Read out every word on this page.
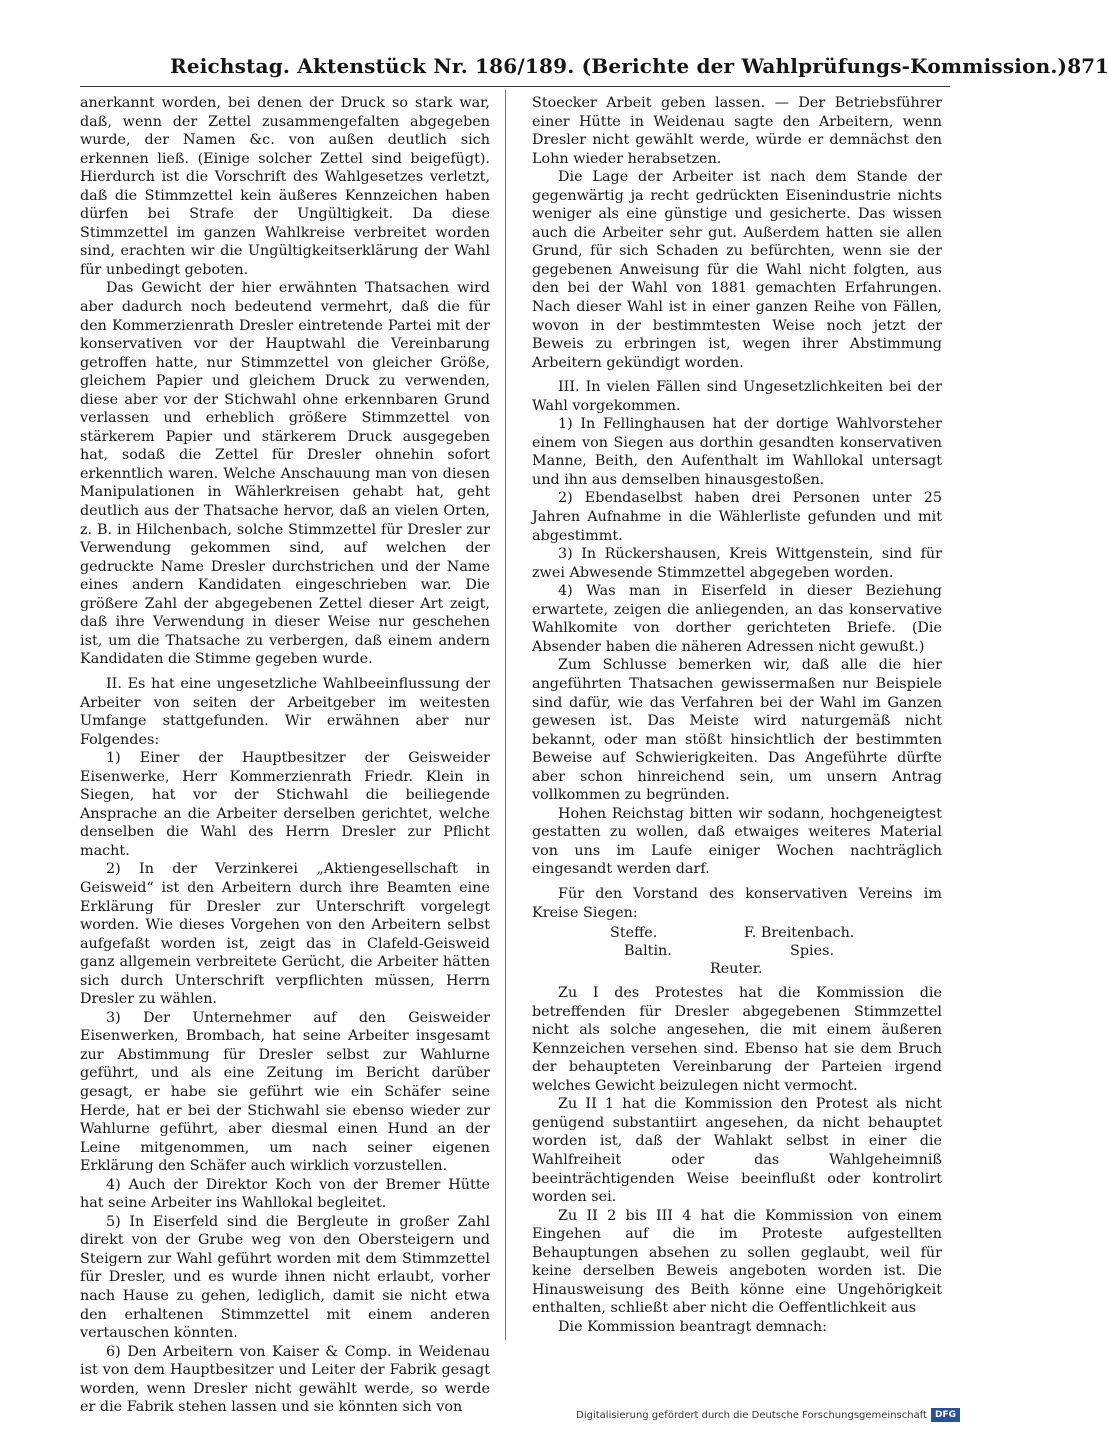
Reichstag. Aktenstück Nr. 186/189. (Berichte der Wahlprüfungs-Kommission.) 871

anerkannt worden, bei denen der Druck so stark war, daß, wenn der Zettel zusammengefalten abgegeben wurde, der Namen &c. von außen deutlich sich erkennen ließ. (Einige solcher Zettel sind beigefügt). Hierdurch ist die Vorschrift des Wahlgesetzes verletzt, daß die Stimmzettel kein äußeres Kennzeichen haben dürfen bei Strafe der Ungültigkeit. Da diese Stimmzettel im ganzen Wahlkreise verbreitet worden sind, erachten wir die Ungültigkeitserklärung der Wahl für unbedingt geboten.

Das Gewicht der hier erwähnten Thatsachen wird aber dadurch noch bedeutend vermehrt, daß die für den Kommerzienrath Dresler eintretende Partei mit der konservativen vor der Hauptwahl die Vereinbarung getroffen hatte, nur Stimmzettel von gleicher Größe, gleichem Papier und gleichem Druck zu verwenden, diese aber vor der Stichwahl ohne erkennbaren Grund verlassen und erheblich größere Stimmzettel von stärkerem Papier und stärkerem Druck ausgegeben hat, sodaß die Zettel für Dresler ohnehin sofort erkenntlich waren. Welche Anschauung man von diesen Manipulationen in Wählerkreisen gehabt hat, geht deutlich aus der Thatsache hervor, daß an vielen Orten, z. B. in Hilchenbach, solche Stimmzettel für Dresler zur Verwendung gekommen sind, auf welchen der gedruckte Name Dresler durchstrichen und der Name eines andern Kandidaten eingeschrieben war. Die größere Zahl der abgegebenen Zettel dieser Art zeigt, daß ihre Verwendung in dieser Weise nur geschehen ist, um die Thatsache zu verbergen, daß einem andern Kandidaten die Stimme gegeben wurde.

II. Es hat eine ungesetzliche Wahlbeeinflussung der Arbeiter von seiten der Arbeitgeber im weitesten Umfange stattgefunden. Wir erwähnen aber nur Folgendes:

1) Einer der Hauptbesitzer der Geisweider Eisenwerke, Herr Kommerzienrath Friedr. Klein in Siegen, hat vor der Stichwahl die beiliegende Ansprache an die Arbeiter derselben gerichtet, welche denselben die Wahl des Herrn Dresler zur Pflicht macht.

2) In der Verzinkerei „Aktiengesellschaft in Geisweid“ ist den Arbeitern durch ihre Beamten eine Erklärung für Dresler zur Unterschrift vorgelegt worden. Wie dieses Vorgehen von den Arbeitern selbst aufgefaßt worden ist, zeigt das in Clafeld-Geisweid ganz allgemein verbreitete Gerücht, die Arbeiter hätten sich durch Unterschrift verpflichten müssen, Herrn Dresler zu wählen.

3) Der Unternehmer auf den Geisweider Eisenwerken, Brombach, hat seine Arbeiter insgesamt zur Abstimmung für Dresler selbst zur Wahlurne geführt, und als eine Zeitung im Bericht darüber gesagt, er habe sie geführt wie ein Schäfer seine Herde, hat er bei der Stichwahl sie ebenso wieder zur Wahlurne geführt, aber diesmal einen Hund an der Leine mitgenommen, um nach seiner eigenen Erklärung den Schäfer auch wirklich vorzustellen.

4) Auch der Direktor Koch von der Bremer Hütte hat seine Arbeiter ins Wahllokal begleitet.

5) In Eiserfeld sind die Bergleute in großer Zahl direkt von der Grube weg von den Obersteigern und Steigern zur Wahl geführt worden mit dem Stimmzettel für Dresler, und es wurde ihnen nicht erlaubt, vorher nach Hause zu gehen, lediglich, damit sie nicht etwa den erhaltenen Stimmzettel mit einem anderen vertauschen könnten.

6) Den Arbeitern von Kaiser & Comp. in Weidenau ist von dem Hauptbesitzer und Leiter der Fabrik gesagt worden, wenn Dresler nicht gewählt werde, so werde er die Fabrik stehen lassen und sie könnten sich von

Stoecker Arbeit geben lassen. — Der Betriebsführer einer Hütte in Weidenau sagte den Arbeitern, wenn Dresler nicht gewählt werde, würde er demnächst den Lohn wieder herabsetzen.

Die Lage der Arbeiter ist nach dem Stande der gegenwärtig ja recht gedrückten Eisenindustrie nichts weniger als eine günstige und gesicherte. Das wissen auch die Arbeiter sehr gut. Außerdem hatten sie allen Grund, für sich Schaden zu befürchten, wenn sie der gegebenen Anweisung für die Wahl nicht folgten, aus den bei der Wahl von 1881 gemachten Erfahrungen. Nach dieser Wahl ist in einer ganzen Reihe von Fällen, wovon in der bestimmtesten Weise noch jetzt der Beweis zu erbringen ist, wegen ihrer Abstimmung Arbeitern gekündigt worden.

III. In vielen Fällen sind Ungesetzlichkeiten bei der Wahl vorgekommen.

1) In Fellinghausen hat der dortige Wahlvorsteher einem von Siegen aus dorthin gesandten konservativen Manne, Beith, den Aufenthalt im Wahllokal untersagt und ihn aus demselben hinausgestoßen.

2) Ebendaselbst haben drei Personen unter 25 Jahren Aufnahme in die Wählerliste gefunden und mit abgestimmt.

3) In Rückershausen, Kreis Wittgenstein, sind für zwei Abwesende Stimmzettel abgegeben worden.

4) Was man in Eiserfeld in dieser Beziehung erwartete, zeigen die anliegenden, an das konservative Wahlkomite von dorther gerichteten Briefe. (Die Absender haben die näheren Adressen nicht gewußt.)

Zum Schlusse bemerken wir, daß alle die hier angeführten Thatsachen gewissermaßen nur Beispiele sind dafür, wie das Verfahren bei der Wahl im Ganzen gewesen ist. Das Meiste wird naturgemäß nicht bekannt, oder man stößt hinsichtlich der bestimmten Beweise auf Schwierigkeiten. Das Angeführte dürfte aber schon hinreichend sein, um unsern Antrag vollkommen zu begründen.

Hohen Reichstag bitten wir sodann, hochgeneigtest gestatten zu wollen, daß etwaiges weiteres Material von uns im Laufe einiger Wochen nachträglich eingesandt werden darf.

Für den Vorstand des konservativen Vereins im Kreise Siegen:

Steffe.	F. Breitenbach.
Baltin.	Spies.
Reuter.

Zu I des Protestes hat die Kommission die betreffenden für Dresler abgegebenen Stimmzettel nicht als solche angesehen, die mit einem äußeren Kennzeichen versehen sind. Ebenso hat sie dem Bruch der behaupteten Vereinbarung der Parteien irgend welches Gewicht beizulegen nicht vermocht.

Zu II 1 hat die Kommission den Protest als nicht genügend substantiirt angesehen, da nicht behauptet worden ist, daß der Wahlakt selbst in einer die Wahlfreiheit oder das Wahlgeheimniß beeinträchtigenden Weise beeinflußt oder kontrolirt worden sei.

Zu II 2 bis III 4 hat die Kommission von einem Eingehen auf die im Proteste aufgestellten Behauptungen absehen zu sollen geglaubt, weil für keine derselben Beweis angeboten worden ist. Die Hinausweisung des Beith könne eine Ungehörigkeit enthalten, schließt aber nicht die Oeffentlichkeit aus

Die Kommission beantragt demnach:

Digitalisierung gefördert durch die Deutsche Forschungsgemeinschaft DFG
